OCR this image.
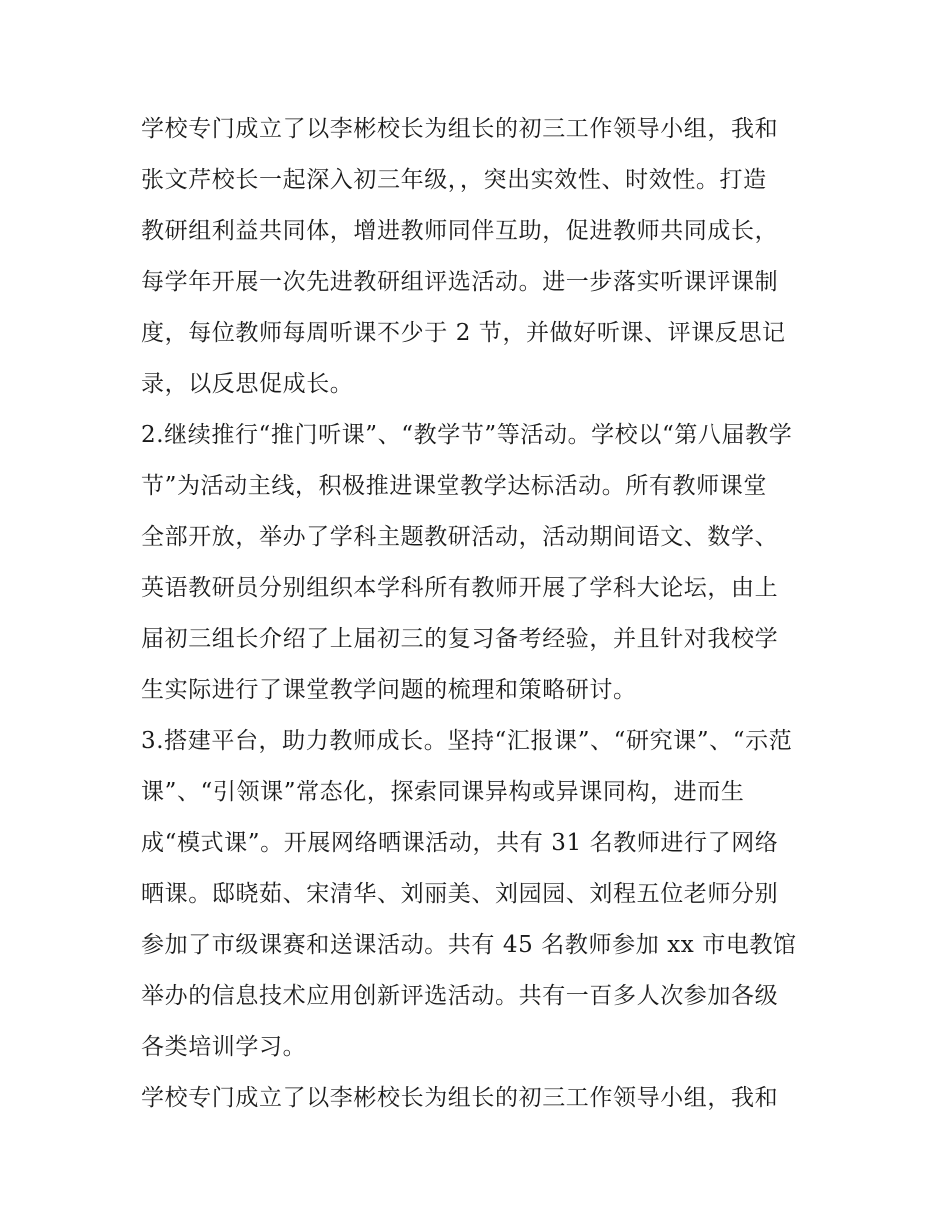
学校专门成立了以李彬校长为组长的初三工作领导小组，我和
张文芹校长一起深入初三年级，，突出实效性、时效性。打造
教研组利益共同体，增进教师同伴互助，促进教师共同成长，
每学年开展一次先进教研组评选活动。进一步落实听课评课制
度，每位教师每周听课不少于 2 节，并做好听课、评课反思记
录，以反思促成长。
2.继续推行“推门听课”、“教学节”等活动。学校以“第八届教学
节”为活动主线，积极推进课堂教学达标活动。所有教师课堂
全部开放，举办了学科主题教研活动，活动期间语文、数学、
英语教研员分别组织本学科所有教师开展了学科大论坛，由上
届初三组长介绍了上届初三的复习备考经验，并且针对我校学
生实际进行了课堂教学问题的梳理和策略研讨。
3.搭建平台，助力教师成长。坚持“汇报课”、“研究课”、“示范
课”、“引领课”常态化，探索同课异构或异课同构，进而生
成“模式课”。开展网络晒课活动，共有 31 名教师进行了网络
晒课。邸晓茹、宋清华、刘丽美、刘园园、刘程五位老师分别
参加了市级课赛和送课活动。共有 45 名教师参加 xx 市电教馆
举办的信息技术应用创新评选活动。共有一百多人次参加各级
各类培训学习。
学校专门成立了以李彬校长为组长的初三工作领导小组，我和
